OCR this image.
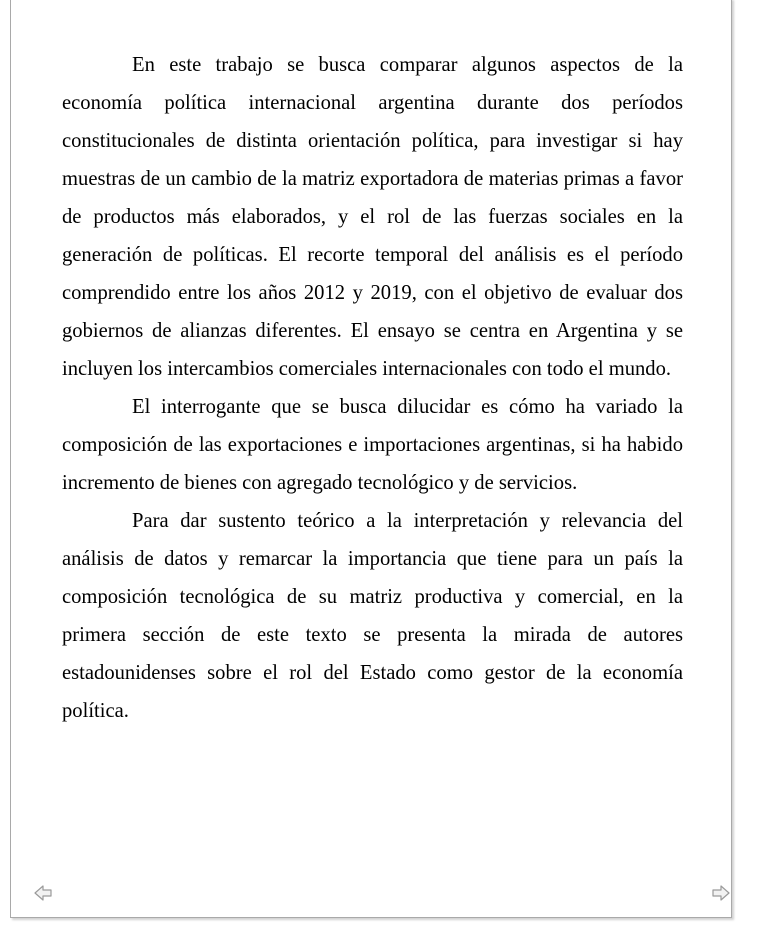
En este trabajo se busca comparar algunos aspectos de la economía política internacional argentina durante dos períodos constitucionales de distinta orientación política, para investigar si hay muestras de un cambio de la matriz exportadora de materias primas a favor de productos más elaborados, y el rol de las fuerzas sociales en la generación de políticas. El recorte temporal del análisis es el período comprendido entre los años 2012 y 2019, con el objetivo de evaluar dos gobiernos de alianzas diferentes. El ensayo se centra en Argentina y se incluyen los intercambios comerciales internacionales con todo el mundo.

El interrogante que se busca dilucidar es cómo ha variado la composición de las exportaciones e importaciones argentinas, si ha habido incremento de bienes con agregado tecnológico y de servicios.

Para dar sustento teórico a la interpretación y relevancia del análisis de datos y remarcar la importancia que tiene para un país la composición tecnológica de su matriz productiva y comercial, en la primera sección de este texto se presenta la mirada de autores estadounidenses sobre el rol del Estado como gestor de la economía política.
